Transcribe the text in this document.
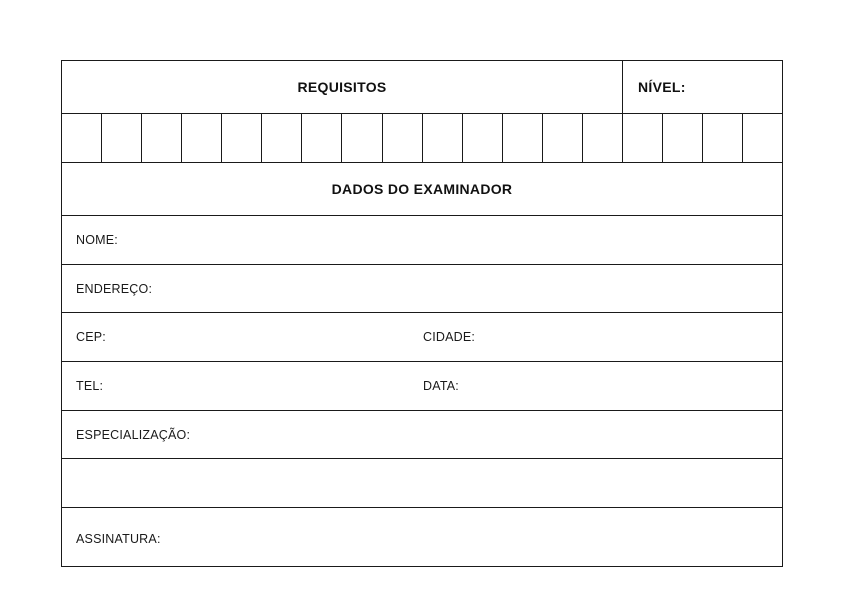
REQUISITOS	NÍVEL:
DADOS DO EXAMINADOR
NOME:
ENDEREÇO:
CEP:	CIDADE:
TEL:	DATA:
ESPECIALIZAÇÃO:
ASSINATURA:
